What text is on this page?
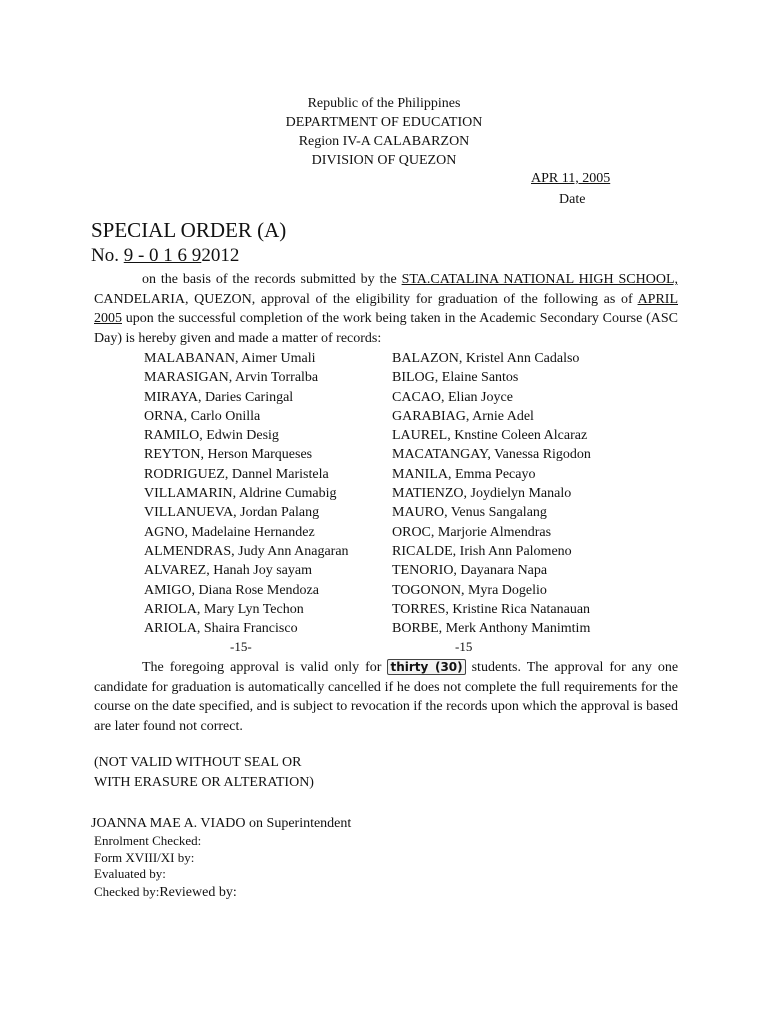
Republic of the Philippines
DEPARTMENT OF EDUCATION
Region IV-A CALABARZON
DIVISION OF QUEZON
APR 11, 2005
Date
SPECIAL ORDER (A)
No. 9 - 0 1 6 92012
on the basis of the records submitted by the STA.CATALINA NATIONAL HIGH SCHOOL, CANDELARIA, QUEZON, approval of the eligibility for graduation of the following as of APRIL 2005 upon the successful completion of the work being taken in the Academic Secondary Course (ASC Day) is hereby given and made a matter of records:
MALABANAN, Aimer Umali
MARASIGAN, Arvin Torralba
MIRAYA, Daries Caringal
ORNA, Carlo Onilla
RAMILO, Edwin Desig
REYTON, Herson Marqueses
RODRIGUEZ, Dannel Maristela
VILLAMARIN, Aldrine Cumabig
VILLANUEVA, Jordan Palang
AGNO, Madelaine Hernandez
ALMENDRAS, Judy Ann Anagaran
ALVAREZ, Hanah Joy sayam
AMIGO, Diana Rose Mendoza
ARIOLA, Mary Lyn Techon
ARIOLA, Shaira Francisco
BALAZON, Kristel Ann Cadalso
BILOG, Elaine Santos
CACAO, Elian Joyce
GARABIAG, Arnie Adel
LAUREL, Knstine Coleen Alcaraz
MACATANGAY, Vanessa Rigodon
MANILA, Emma Pecayo
MATIENZO, Joydielyn Manalo
MAURO, Venus Sangalang
OROC, Marjorie Almendras
RICALDE, Irish Ann Palomeno
TENORIO, Dayanara Napa
TOGONON, Myra Dogelio
TORRES, Kristine Rica Natanauan
BORBE, Merk Anthony Manimtim
-15-	-15
The foregoing approval is valid only for thirty (30) students. The approval for any one candidate for graduation is automatically cancelled if he does not complete the full requirements for the course on the date specified, and is subject to revocation if the records upon which the approval is based are later found not correct.
(NOT VALID WITHOUT SEAL OR
WITH ERASURE OR ALTERATION)
JOANNA MAE A. VIADO on Superintendent
Enrolment Checked:
Form XVIII/XI by:
Evaluated by:
Checked by:Reviewed by:
